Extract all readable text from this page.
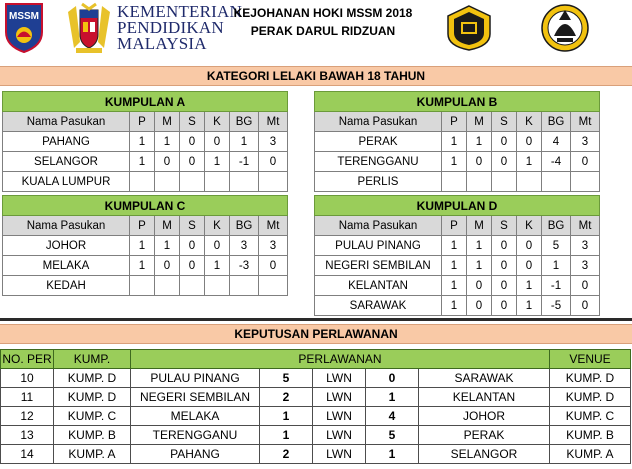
MSSM	KEMENTERIAN
PENDIDIKAN
MALAYSIA
KEJOHANAN HOKI MSSM 2018
PERAK DARUL RIDZUAN
KATEGORI LELAKI BAWAH 18 TAHUN
KUMPULAN A						
Nama Pasukan	P	M	S	K	BG	Mt
PAHANG	1	1	0	0	1	3
SELANGOR	1	0	0	1	-1	0
KUALA LUMPUR						
KUMPULAN B						
Nama Pasukan	P	M	S	K	BG	Mt
PERAK	1	1	0	0	4	3
TERENGGANU	1	0	0	1	-4	0
PERLIS						
KUMPULAN C						
Nama Pasukan	P	M	S	K	BG	Mt
JOHOR	1	1	0	0	3	3
MELAKA	1	0	0	1	-3	0
KEDAH						
KUMPULAN D						
Nama Pasukan	P	M	S	K	BG	Mt
PULAU PINANG	1	1	0	0	5	3
NEGERI SEMBILAN	1	1	0	0	1	3
KELANTAN	1	0	0	1	-1	0
SARAWAK	1	0	0	1	-5	0
KEPUTUSAN PERLAWANAN
NO. PER	KUMP.	PERLAWANAN					VENUE
10	KUMP. D	PULAU PINANG	5	LWN	0	SARAWAK	KUMP. D
11	KUMP. D	NEGERI SEMBILAN	2	LWN	1	KELANTAN	KUMP. D
12	KUMP. C	MELAKA	1	LWN	4	JOHOR	KUMP. C
13	KUMP. B	TERENGGANU	1	LWN	5	PERAK	KUMP. B
14	KUMP. A	PAHANG	2	LWN	1	SELANGOR	KUMP. A
